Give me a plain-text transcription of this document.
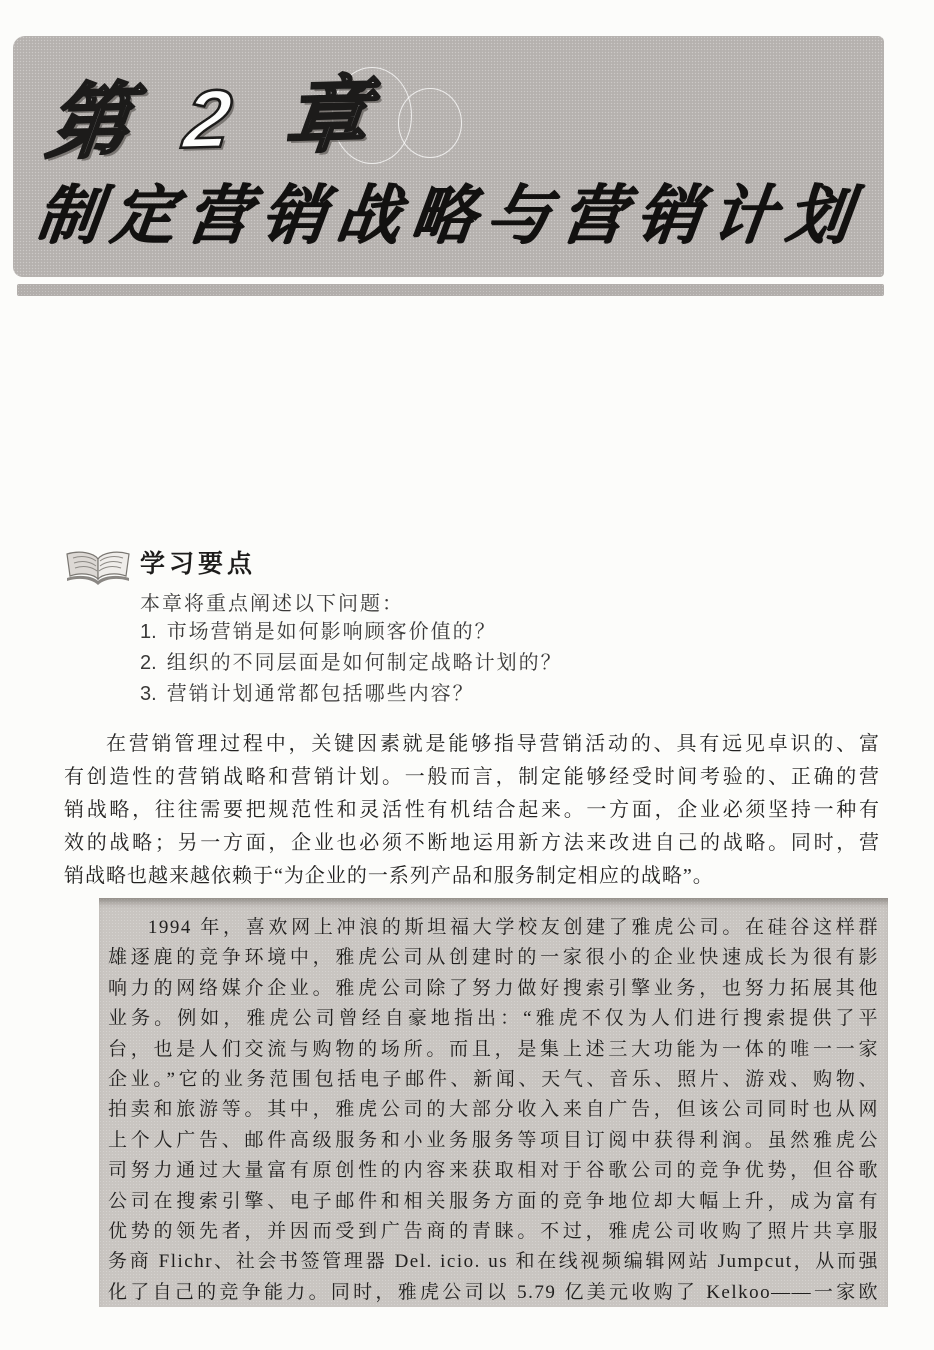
第 2 章
制定营销战略与营销计划
学习要点

本章将重点阐述以下问题：

1. 市场营销是如何影响顾客价值的？
2. 组织的不同层面是如何制定战略计划的？
3. 营销计划通常都包括哪些内容？
在营销管理过程中，关键因素就是能够指导营销活动的、具有远见卓识的、富
有创造性的营销战略和营销计划。一般而言，制定能够经受时间考验的、正确的营
销战略，往往需要把规范性和灵活性有机结合起来。一方面，企业必须坚持一种有
效的战略；另一方面，企业也必须不断地运用新方法来改进自己的战略。同时，营
销战略也越来越依赖于“为企业的一系列产品和服务制定相应的战略”。
1994 年，喜欢网上冲浪的斯坦福大学校友创建了雅虎公司。在硅谷这样群
雄逐鹿的竞争环境中，雅虎公司从创建时的一家很小的企业快速成长为很有影
响力的网络媒介企业。雅虎公司除了努力做好搜索引擎业务，也努力拓展其他
业务。例如，雅虎公司曾经自豪地指出：“雅虎不仅为人们进行搜索提供了平
台，也是人们交流与购物的场所。而且，是集上述三大功能为一体的唯一一家
企业。”它的业务范围包括电子邮件、新闻、天气、音乐、照片、游戏、购物、
拍卖和旅游等。其中，雅虎公司的大部分收入来自广告，但该公司同时也从网
上个人广告、邮件高级服务和小业务服务等项目订阅中获得利润。虽然雅虎公
司努力通过大量富有原创性的内容来获取相对于谷歌公司的竞争优势，但谷歌
公司在搜索引擎、电子邮件和相关服务方面的竞争地位却大幅上升，成为富有
优势的领先者，并因而受到广告商的青睐。不过，雅虎公司收购了照片共享服
务商 Flichr、社会书签管理器 Del. icio. us 和在线视频编辑网站 Jumpcut，从而强
化了自己的竞争能力。同时，雅虎公司以 5.79 亿美元收购了 Kelkoo——一家欧
